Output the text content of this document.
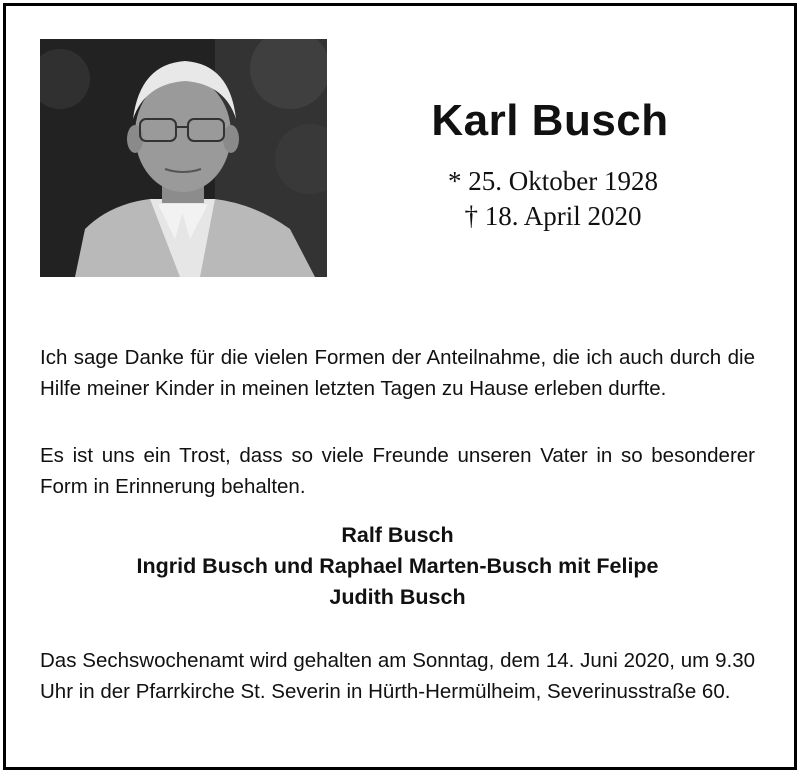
Karl Busch
* 25. Oktober 1928
† 18. April 2020
Ich sage Danke für die vielen Formen der Anteilnahme, die ich auch durch die Hilfe meiner Kinder in meinen letzten Tagen zu Hause erleben durfte.
Es ist uns ein Trost, dass so viele Freunde unseren Vater in so besonderer Form in Erinnerung behalten.
Ralf Busch
Ingrid Busch und Raphael Marten-Busch mit Felipe
Judith Busch
Das Sechswochenamt wird gehalten am Sonntag, dem 14. Juni 2020, um 9.30 Uhr in der Pfarrkirche St. Severin in Hürth-Hermülheim, Severinusstraße 60.
